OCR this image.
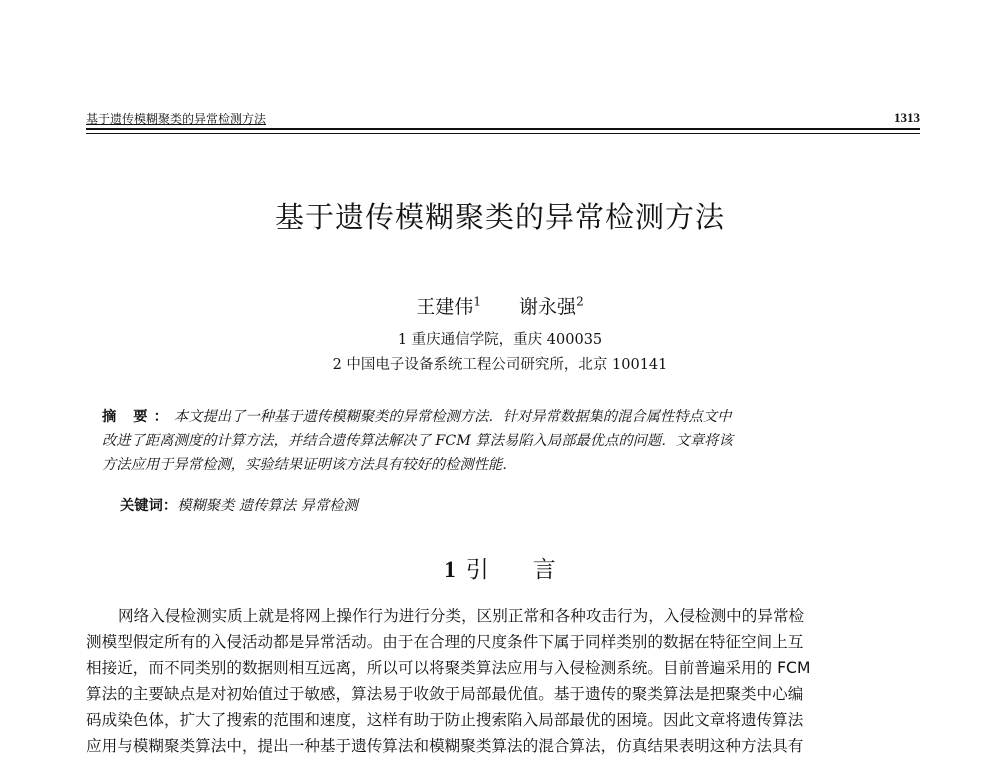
基于遗传模糊聚类的异常检测方法	1313
基于遗传模糊聚类的异常检测方法
王建伟$^1$ 谢永强$^2$
1 重庆通信学院，重庆 400035
2 中国电子设备系统工程公司研究所，北京 100141
摘 要：本文提出了一种基于遗传模糊聚类的异常检测方法．针对异常数据集的混合属性特点文中
改进了距离测度的计算方法，并结合遗传算法解决了 FCM 算法易陷入局部最优点的问题．文章将该
方法应用于异常检测，实验结果证明该方法具有较好的检测性能．
关键词：模糊聚类 遗传算法 异常检测
1 引 言
网络入侵检测实质上就是将网上操作行为进行分类，区别正常和各种攻击行为，入侵检测中的异常检
测模型假定所有的入侵活动都是异常活动。由于在合理的尺度条件下属于同样类别的数据在特征空间上互
相接近，而不同类别的数据则相互远离，所以可以将聚类算法应用与入侵检测系统。目前普遍采用的 FCM
算法的主要缺点是对初始值过于敏感，算法易于收敛于局部最优值。基于遗传的聚类算法是把聚类中心编
码成染色体，扩大了搜索的范围和速度，这样有助于防止搜索陷入局部最优的困境。因此文章将遗传算法
应用与模糊聚类算法中，提出一种基于遗传算法和模糊聚类算法的混合算法，仿真结果表明这种方法具有
